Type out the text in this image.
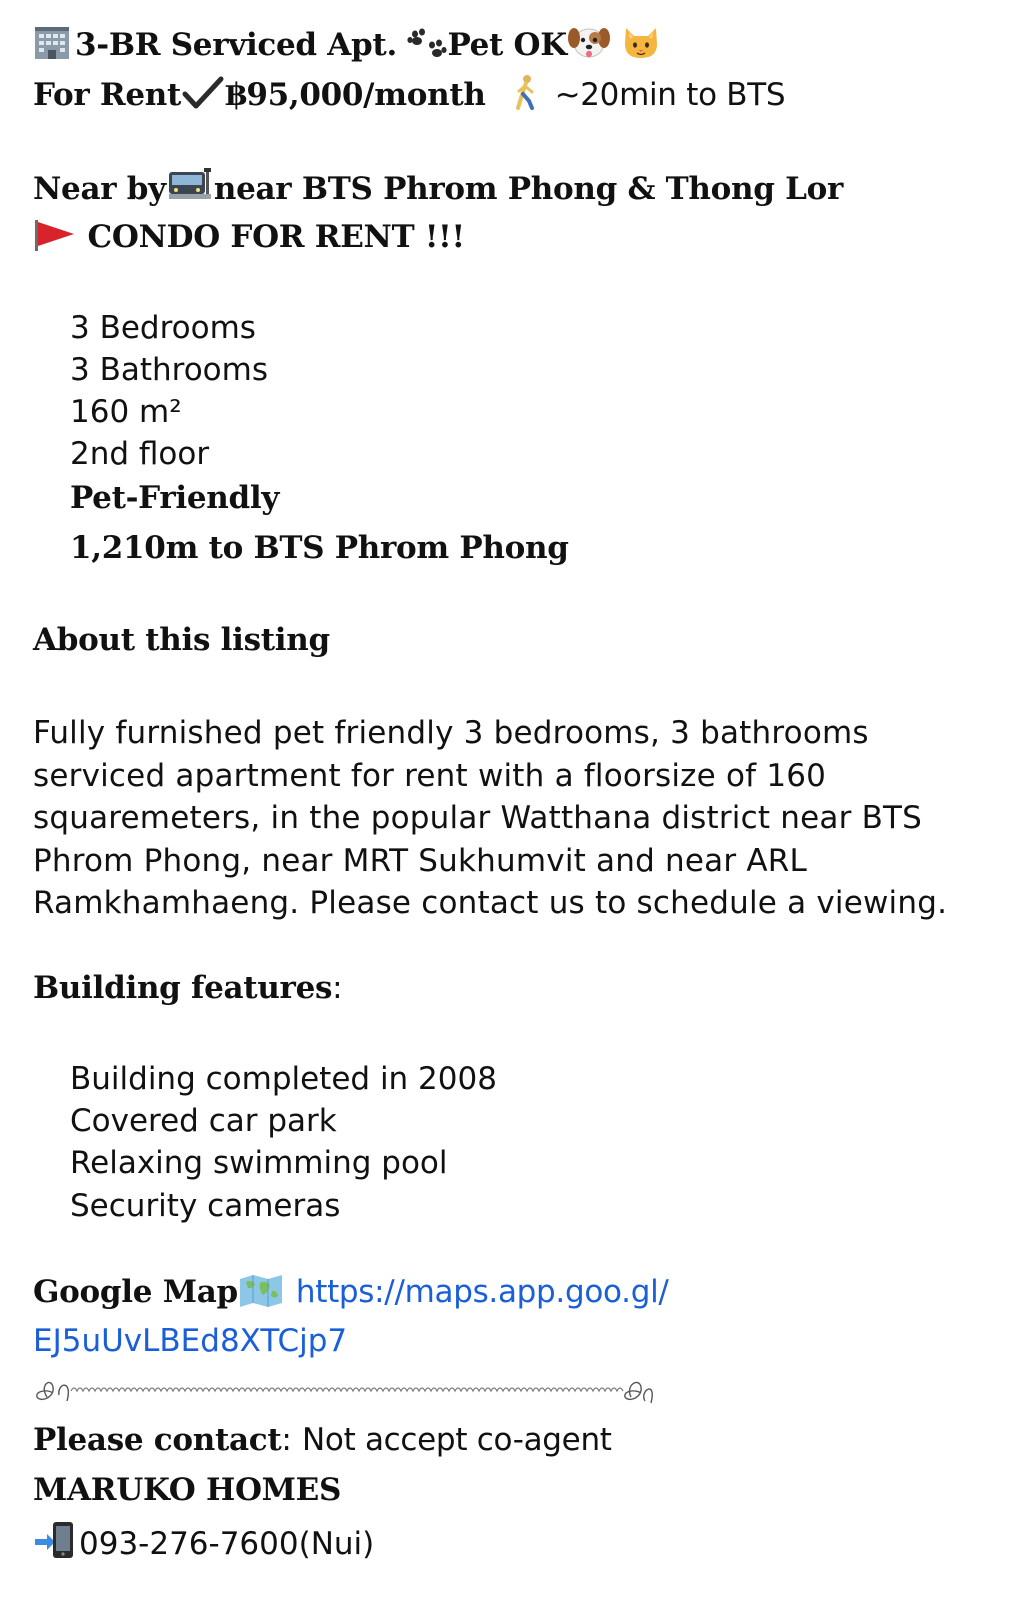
3-BR Serviced Apt. Pet OK
For Rent ฿95,000/month ~20min to BTS
Near by near BTS Phrom Phong & Thong Lor
CONDO FOR RENT !!!
3 Bedrooms
3 Bathrooms
160 m²
2nd floor
Pet-Friendly
1,210m to BTS Phrom Phong
About this listing
Fully furnished pet friendly 3 bedrooms, 3 bathrooms serviced apartment for rent with a floorsize of 160 squaremeters, in the popular Watthana district near BTS Phrom Phong, near MRT Sukhumvit and near ARL Ramkhamhaeng. Please contact us to schedule a viewing.
Building features:
Building completed in 2008
Covered car park
Relaxing swimming pool
Security cameras
Google Map https://maps.app.goo.gl/
EJ5uUvLBEd8XTCjp7
Please contact: Not accept co-agent
MARUKO HOMES
093-276-7600(Nui)
